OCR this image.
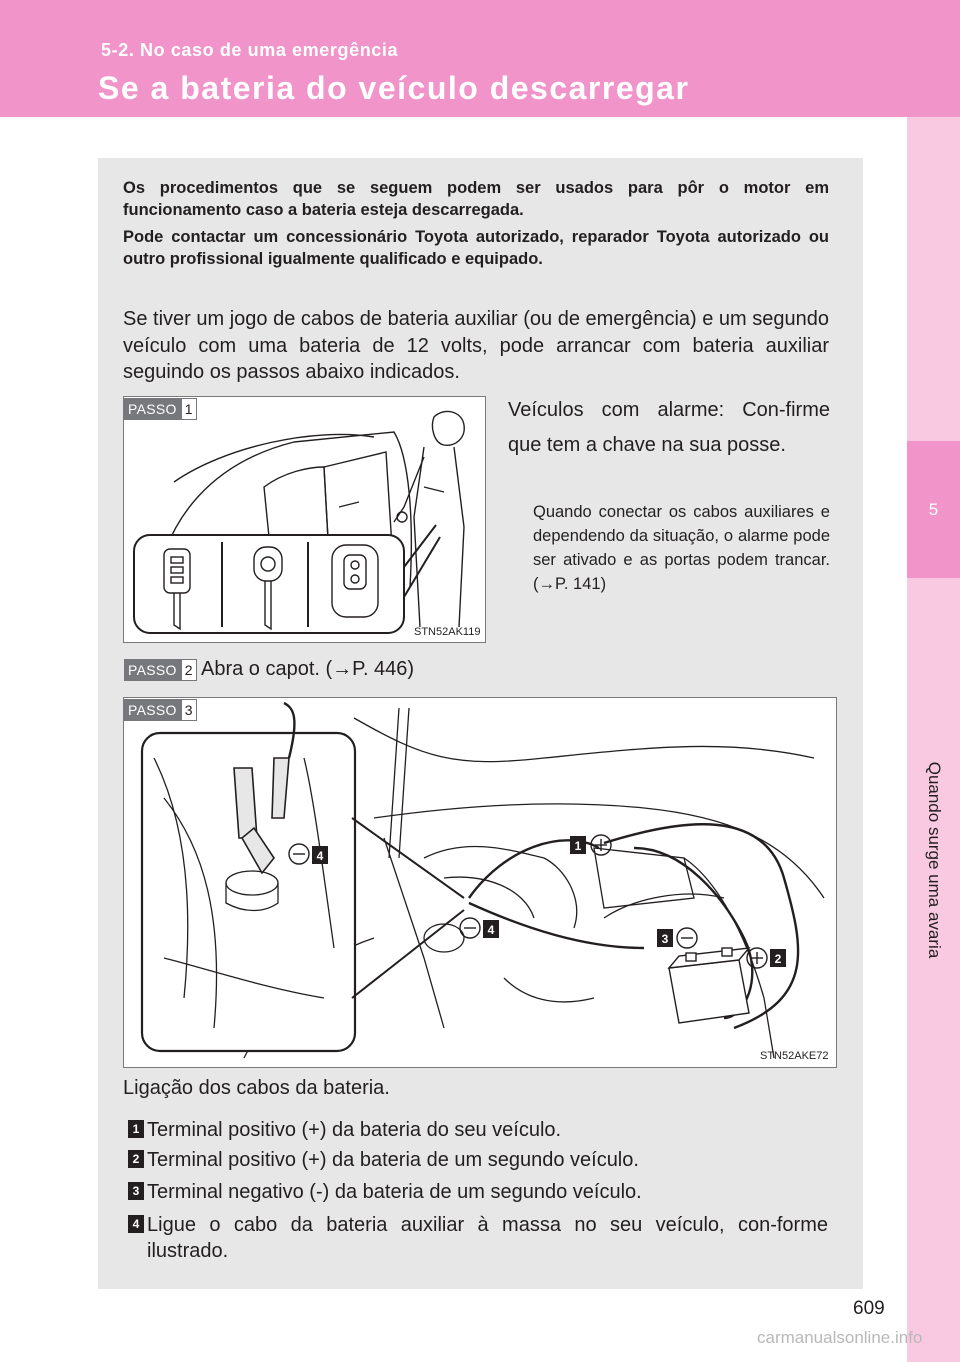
5-2. No caso de uma emergência
Se a bateria do veículo descarregar
5
Quando surge uma avaria

Os procedimentos que se seguem podem ser usados para pôr o motor em funcionamento caso a bateria esteja descarregada.

Pode contactar um concessionário Toyota autorizado, reparador Toyota autorizado ou outro profissional igualmente qualificado e equipado.

Se tiver um jogo de cabos de bateria auxiliar (ou de emergência) e um segundo veículo com uma bateria de 12 volts, pode arrancar com bateria auxiliar seguindo os passos abaixo indicados.

STN52AK119
PASSO 1	Veículos com alarme: Con-firme que tem a chave na sua posse.

Quando conectar os cabos auxiliares e dependendo da situação, o alarme pode ser ativado e as portas podem trancar. (→P. 141)

PASSO 2 Abra o capot. (→P. 446)
4
1
4
3
2
STN52AKE72
PASSO 3
Ligação dos cabos da bateria.
1 Terminal positivo (+) da bateria do seu veículo.
2 Terminal positivo (+) da bateria de um segundo veículo.
3 Terminal negativo (-) da bateria de um segundo veículo.
4 Ligue o cabo da bateria auxiliar à massa no seu veículo, con-forme ilustrado.
609
carmanualsonline.info
